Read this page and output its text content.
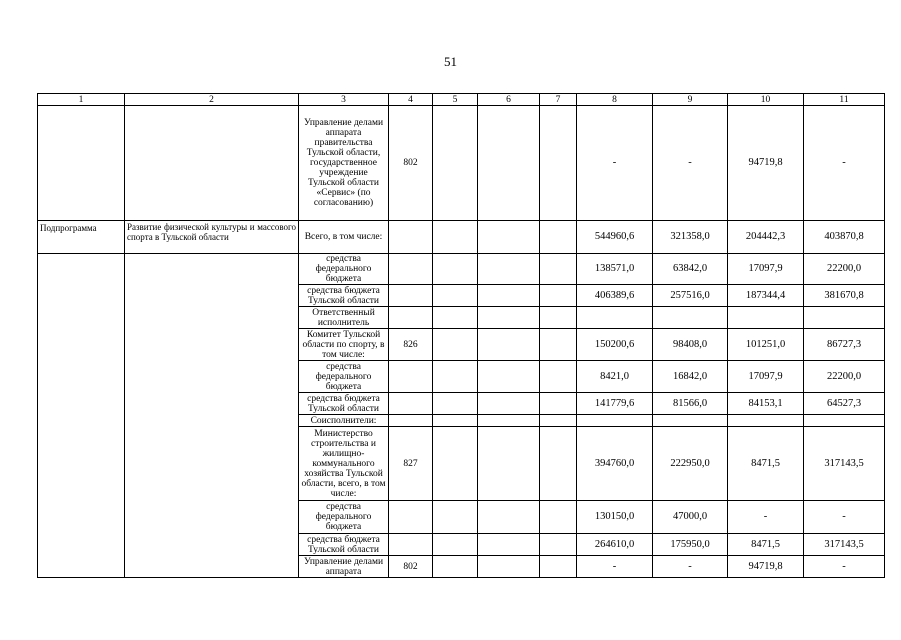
51
1	2	3	4	5	6	7	8	9	10	11
		Управление делами аппарата правительства Тульской области, государственное учреждение Тульской области «Сервис» (по согласованию)	802				-	-	94719,8	-
Подпрограмма	Развитие физической культуры и массового спорта в Тульской области	Всего, в том числе:					544960,6	321358,0	204442,3	403870,8
		средства федерального бюджета					138571,0	63842,0	17097,9	22200,0
		средства бюджета Тульской области					406389,6	257516,0	187344,4	381670,8
		Ответственный исполнитель								
		Комитет Тульской области по спорту, в том числе:	826				150200,6	98408,0	101251,0	86727,3
		средства федерального бюджета					8421,0	16842,0	17097,9	22200,0
		средства бюджета Тульской области					141779,6	81566,0	84153,1	64527,3
		Соисполнители:								
		Министерство строительства и жилищно-коммунального хозяйства Тульской области, всего, в том числе:	827				394760,0	222950,0	8471,5	317143,5
		средства федерального бюджета					130150,0	47000,0	-	-
		средства бюджета Тульской области					264610,0	175950,0	8471,5	317143,5
		Управление делами аппарата	802				-	-	94719,8	-
